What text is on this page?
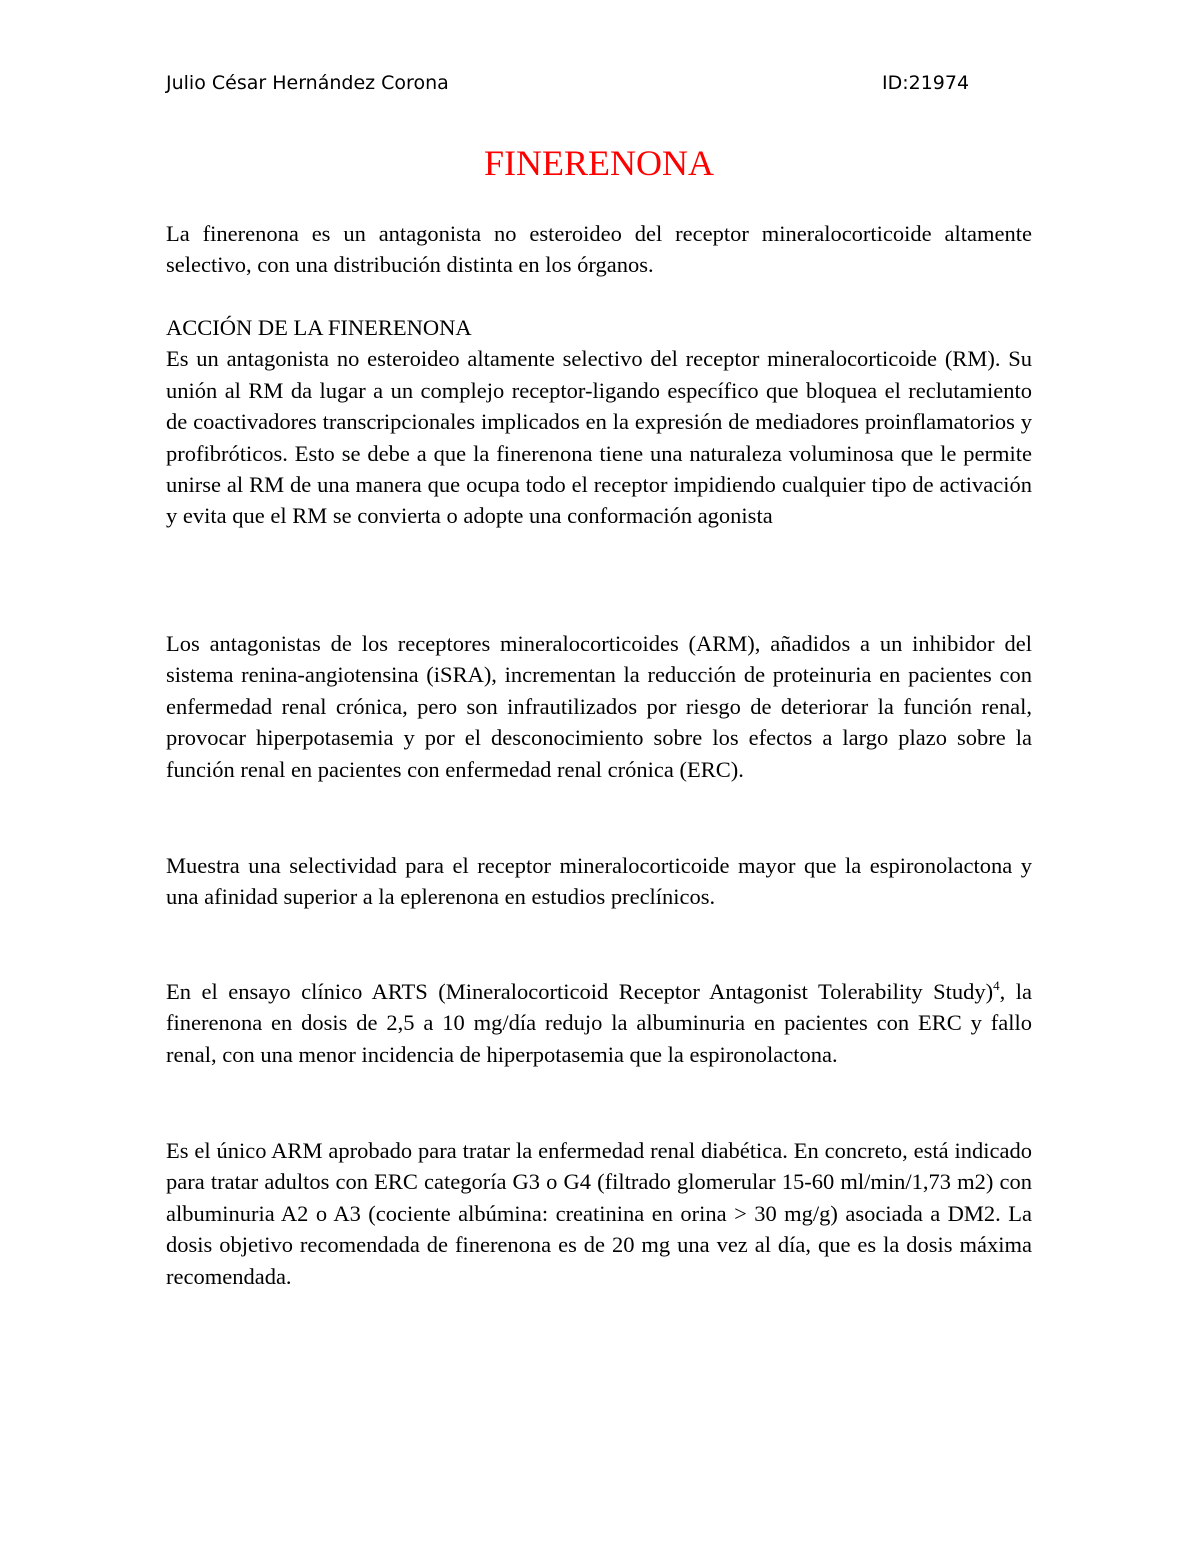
Julio César Hernández Corona	ID:21974
FINERENONA

La finerenona es un antagonista no esteroideo del receptor mineralocorticoide altamente selectivo, con una distribución distinta en los órganos.

ACCIÓN DE LA FINERENONA

Es un antagonista no esteroideo altamente selectivo del receptor mineralocorticoide (RM). Su unión al RM da lugar a un complejo receptor-ligando específico que bloquea el reclutamiento de coactivadores transcripcionales implicados en la expresión de mediadores proinflamatorios y profibróticos. Esto se debe a que la finerenona tiene una naturaleza voluminosa que le permite unirse al RM de una manera que ocupa todo el receptor impidiendo cualquier tipo de activación y evita que el RM se convierta o adopte una conformación agonista

Los antagonistas de los receptores mineralocorticoides (ARM), añadidos a un inhibidor del sistema renina-angiotensina (iSRA), incrementan la reducción de proteinuria en pacientes con enfermedad renal crónica, pero son infrautilizados por riesgo de deteriorar la función renal, provocar hiperpotasemia y por el desconocimiento sobre los efectos a largo plazo sobre la función renal en pacientes con enfermedad renal crónica (ERC).

Muestra una selectividad para el receptor mineralocorticoide mayor que la espironolactona y una afinidad superior a la eplerenona en estudios preclínicos.

En el ensayo clínico ARTS (Mineralocorticoid Receptor Antagonist Tolerability Study)$^4$, la finerenona en dosis de 2,5 a 10 mg/día redujo la albuminuria en pacientes con ERC y fallo renal, con una menor incidencia de hiperpotasemia que la espironolactona.

Es el único ARM aprobado para tratar la enfermedad renal diabética. En concreto, está indicado para tratar adultos con ERC categoría G3 o G4 (filtrado glomerular 15-60 ml/min/1,73 m2) con albuminuria A2 o A3 (cociente albúmina: creatinina en orina > 30 mg/g) asociada a DM2. La dosis objetivo recomendada de finerenona es de 20 mg una vez al día, que es la dosis máxima recomendada.
